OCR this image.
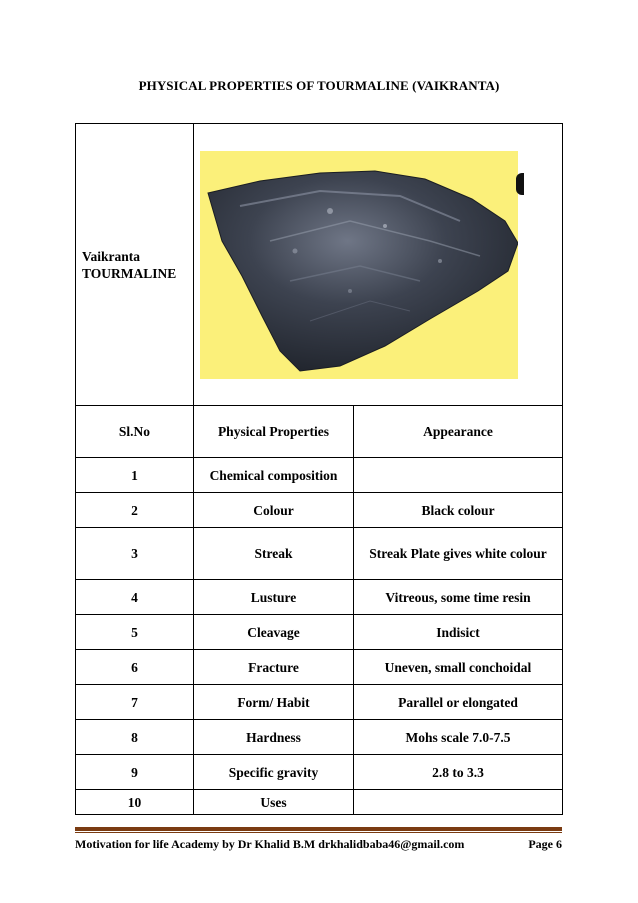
PHYSICAL PROPERTIES OF TOURMALINE (VAIKRANTA)
Vaikranta
TOURMALINE

Sl.No	Physical Properties	Appearance
1	Chemical composition	
2	Colour	Black colour
3	Streak	Streak Plate gives white colour
4	Lusture	Vitreous, some time resin
5	Cleavage	Indisict
6	Fracture	Uneven, small conchoidal
7	Form/ Habit	Parallel or elongated
8	Hardness	Mohs scale 7.0-7.5
9	Specific gravity	2.8 to 3.3
10	Uses	
Motivation for life Academy by Dr Khalid B.M drkhalidbaba46@gmail.com	Page 6
